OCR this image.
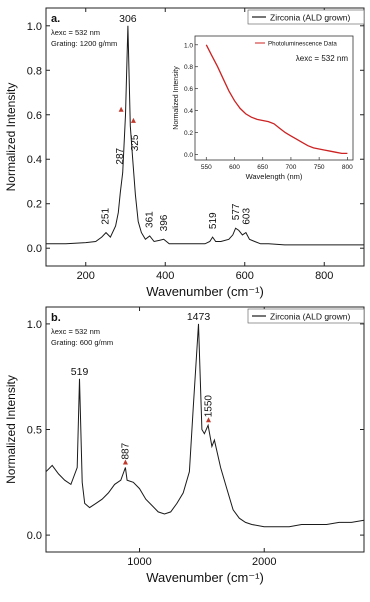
200	400	600	800
0.0
0.2
0.4
0.6
0.8
1.0
Wavenumber (cm⁻¹)
Normalized Intensity
a.
λexc = 532 nm
Grating: 1200 g/mm
Zirconia (ALD grown)
251
287
306
325
361 396	519
577 603
550	600	650	700	750	800
0.0
0.2
0.4
0.6
0.8
1.0
Wavelength (nm)
Normalized Intensity
Photoluminescence Data
λexc = 532 nm
1000	2000
0.0
0.5
1.0
Wavenumber (cm⁻¹)
Normalized Intensity
b.
λexc = 532 nm
Grating: 600 g/mm
Zirconia (ALD grown)
519
887
1473
1550
